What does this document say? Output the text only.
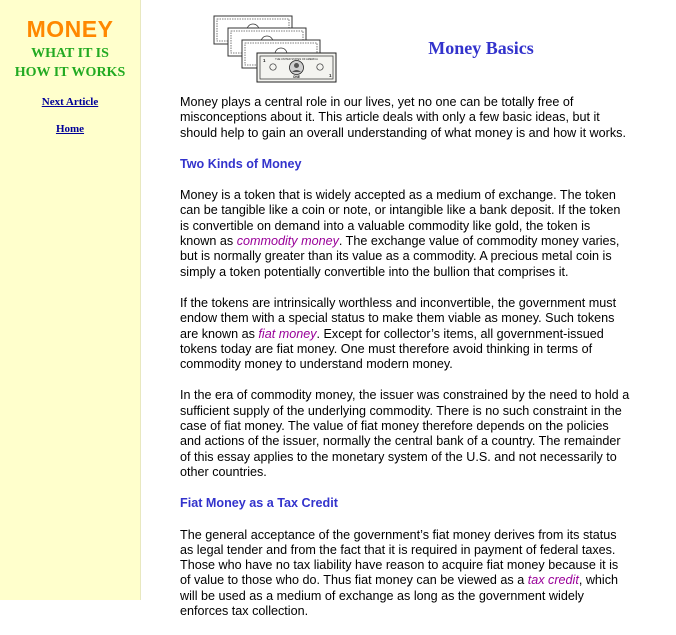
MONEY
WHAT IT IS
HOW IT WORKS
Next Article
Home
1
1
THE UNITED STATES OF AMERICA
ONE
Money Basics

Money plays a central role in our lives, yet no one can be totally free of misconceptions about it. This article deals with only a few basic ideas, but it should help to gain an overall understanding of what money is and how it works.

Two Kinds of Money

Money is a token that is widely accepted as a medium of exchange. The token can be tangible like a coin or note, or intangible like a bank deposit. If the token is convertible on demand into a valuable commodity like gold, the token is known as commodity money. The exchange value of commodity money varies, but is normally greater than its value as a commodity. A precious metal coin is simply a token potentially convertible into the bullion that comprises it.

If the tokens are intrinsically worthless and inconvertible, the government must endow them with a special status to make them viable as money. Such tokens are known as fiat money. Except for collector’s items, all government-issued tokens today are fiat money. One must therefore avoid thinking in terms of commodity money to understand modern money.

In the era of commodity money, the issuer was constrained by the need to hold a sufficient supply of the underlying commodity. There is no such constraint in the case of fiat money. The value of fiat money therefore depends on the policies and actions of the issuer, normally the central bank of a country. The remainder of this essay applies to the monetary system of the U.S. and not necessarily to other countries.

Fiat Money as a Tax Credit

The general acceptance of the government’s fiat money derives from its status as legal tender and from the fact that it is required in payment of federal taxes. Those who have no tax liability have reason to acquire fiat money because it is of value to those who do. Thus fiat money can be viewed as a tax credit, which will be used as a medium of exchange as long as the government widely enforces tax collection.
